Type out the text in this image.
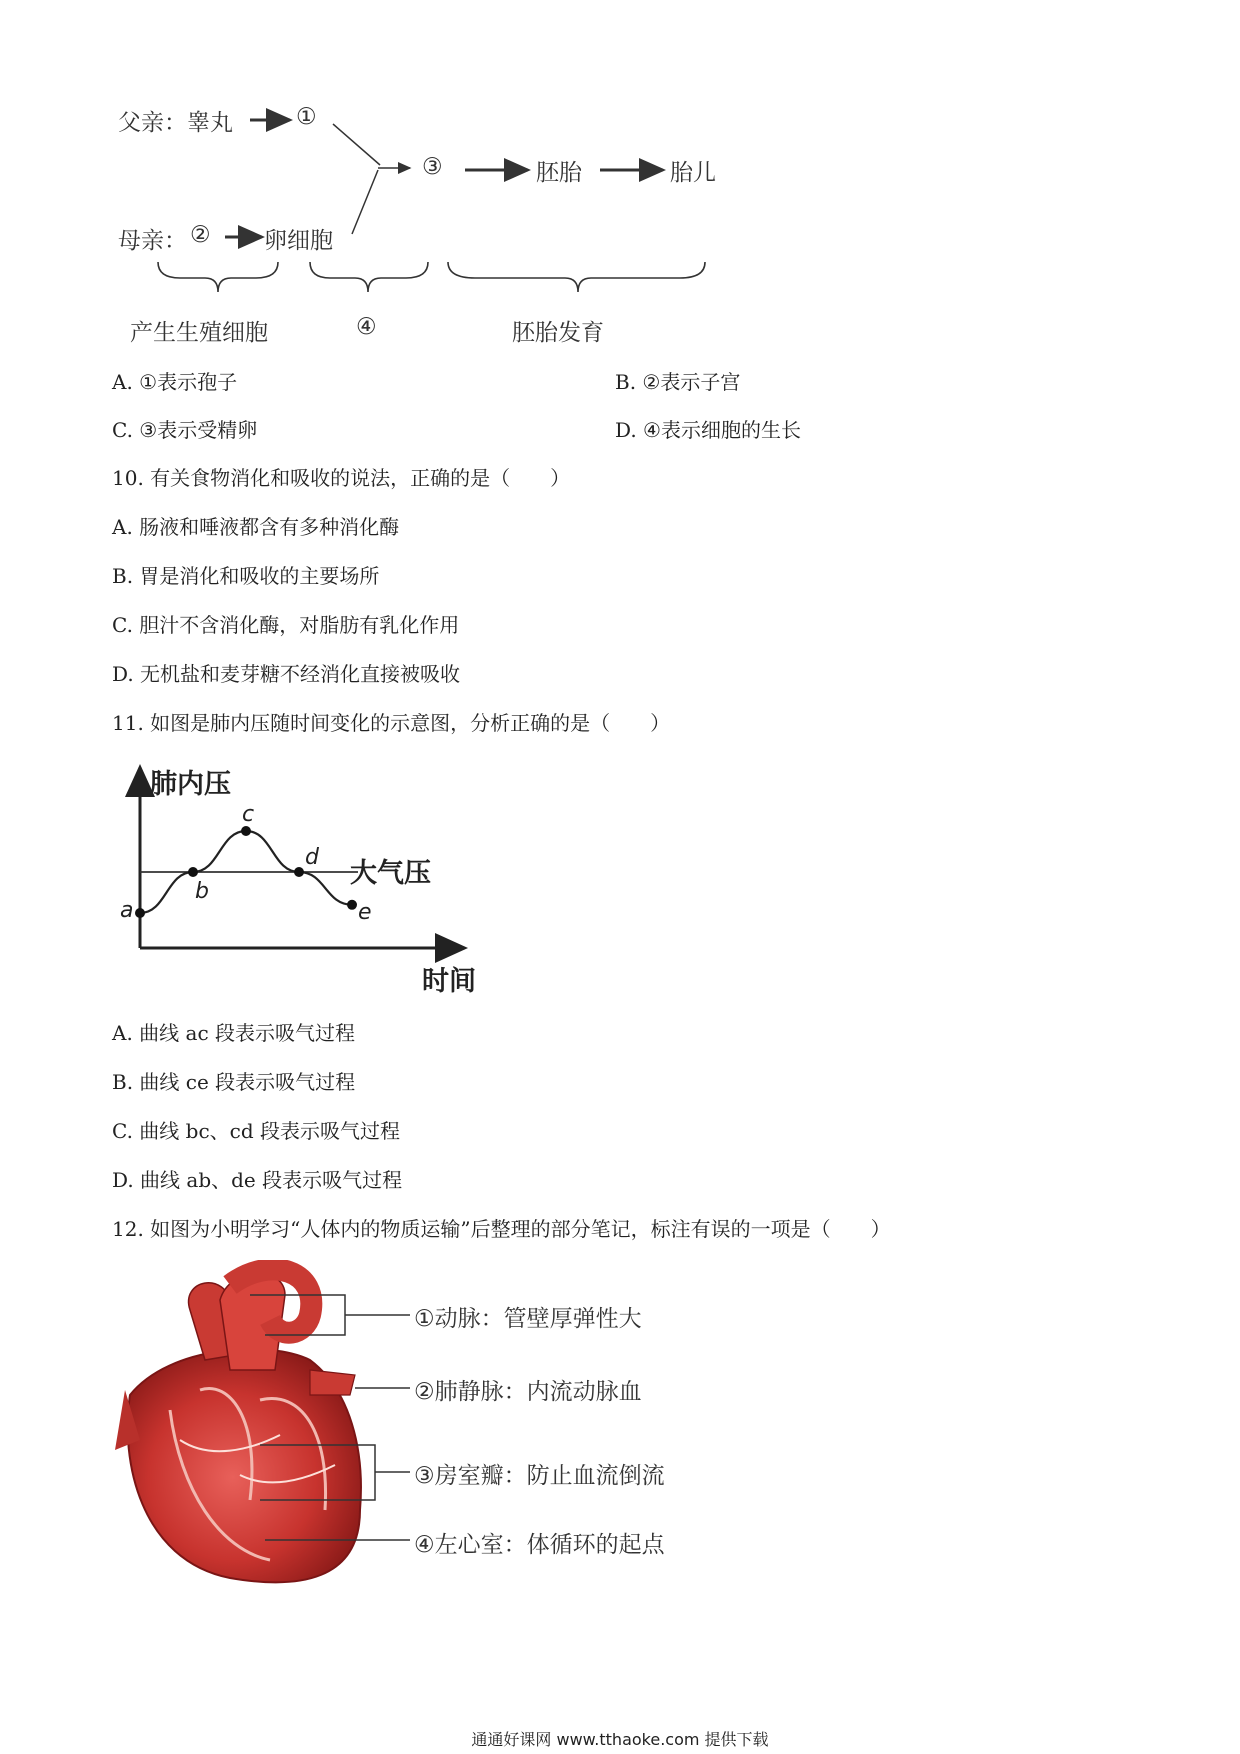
父亲：睾丸	①
③	胚胎	胎儿
母亲： ② 卵细胞
产生生殖细胞	④	胚胎发育
A. ①表示孢子	B. ②表示子宫
C. ③表示受精卵	D. ④表示细胞的生长
10. 有关食物消化和吸收的说法，正确的是（　　）
A. 肠液和唾液都含有多种消化酶
B. 胃是消化和吸收的主要场所
C. 胆汁不含消化酶，对脂肪有乳化作用
D. 无机盐和麦芽糖不经消化直接被吸收
11. 如图是肺内压随时间变化的示意图，分析正确的是（　　）
a
b
c
d
e
肺内压
时间
大气压
A. 曲线 ac 段表示吸气过程
B. 曲线 ce 段表示吸气过程
C. 曲线 bc、cd 段表示吸气过程
D. 曲线 ab、de 段表示吸气过程
12. 如图为小明学习“人体内的物质运输”后整理的部分笔记，标注有误的一项是（　　）
①动脉：管壁厚弹性大
②肺静脉：内流动脉血
③房室瓣：防止血流倒流
④左心室：体循环的起点
通通好课网 www.tthaoke.com 提供下载
